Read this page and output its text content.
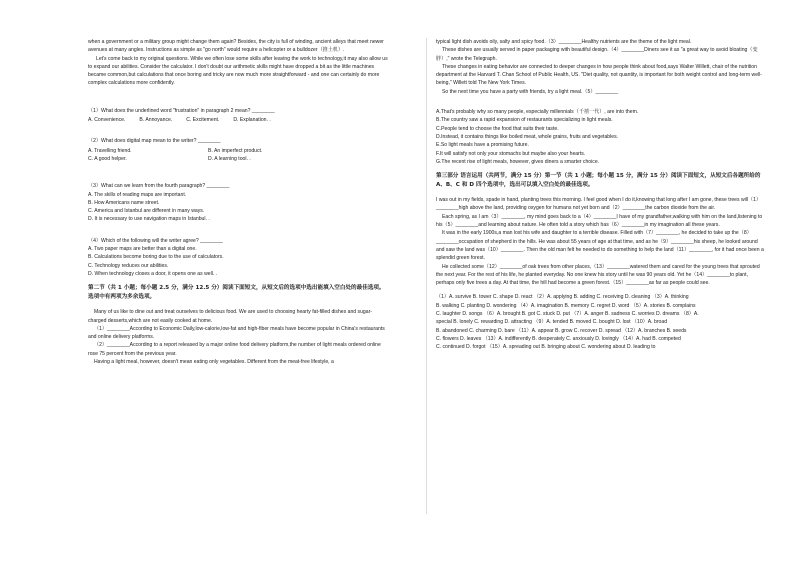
when a government or a military group might change them again? Besides, the city is full of winding, ancient alleys that meet newer avenues at many angles. Instructions as simple as "go north" would require a helicopter or a bulldozer（推土机）.

Let's come back to my original questions. While we often lose some skills after leaving the work to technology,it may also allow us to expand our abilities. Consider the calculator. I don't doubt our arithmetic skills might have dropped a bit as the little machines became common,but calculations that once boring and tricky are now much more straightforward - and one can certainly do more complex calculations more confidently.

（1）What does the underlined word "frustration" in paragraph 2 mean? ________

A. Convenience.	B. Annoyance.	C. Excitement.	D. Explanation. .

（2）What does digital map mean to the writer? ________

A. Travelling friend.	B. An imperfect product.
C. A good helper.	D. A learning tool. .

（3）What can we learn from the fourth paragraph? ________

A. The skills of reading maps are important.

B. How Americans name street.

C. America and Istanbul are different in many ways.

D. It is necessary to use navigation maps in Istanbul. .

（4）Which of the following will the writer agree? ________

A. Two paper maps are better than a digital one.

B. Calculations become boring due to the use of calculators.

C. Technology reduces our abilities.

D. When technology closes a door, it opens one as well. .

第二节（共 1 小题；每小题 2.5 分，满分 12.5 分）阅读下面短文，从短文后的选项中选出能填入空白处的最佳选项。选项中有两项为多余选项。

Many of us like to dine out and treat ourselves to delicious food. We are used to choosing hearty fat-filled dishes and sugar-charged desserts,which are not easily cooked at home.

（1）________According to Economic Daily,low-calorie,low-fat and high-fiber meals have become popular in China's restaurants and online delivery platforms.

（2）________According to a report released by a major online food delivery platform,the number of light meals ordered online rose 75 percent from the previous year.

Having a light meal, however, doesn't mean eating only vegetables. Different from the meat-free lifestyle, a

typical light dish avoids oily, salty and spicy food.（3）________Healthy nutrients are the theme of the light meal.

These dishes are usually served in paper packaging with beautiful design.（4）________Diners see it as "a great way to avoid bloating（变胖）," wrote the Telegraph.

These changes in eating behavior are connected to deeper changes in how people think about food,says Walter Willett, chair of the nutrition department at the Harvard T. Chan School of Public Health, US. "Diet quality, not quantity, is important for both weight control and long-term well-being," Willett told The New York Times.

So the next time you have a party with friends, try a light meal.（5）________

A.That's probably why so many people, especially millennials（千禧一代）, are into them.

B.The country saw a rapid expansion of restaurants specializing in light meals.

C.People tend to choose the food that suits their taste.

D.Instead, it contains things like boiled meat, whole grains, fruits and vegetables.

E.So light meals have a promising future.

F.It will satisfy not only your stomachs but maybe also your hearts.

G.The recent rise of light meals, however, gives diners a smarter choice.

第三部分 语言运用（共两节，满分 15 分）第一节（共 1 小题；每小题 15 分，满分 15 分）阅读下面短文，从短文后各题所给的 A、B、C 和 D 四个选项中，选出可以填入空白处的最佳选项。

I was out in my fields, spade in hand, planting trees this morning. I feel good when I do it,knowing that long after I am gone, these trees will（1）________high above the land, providing oxygen for humans not yet born and（2）________the carbon dioxide from the air.

Each spring, as I am（3）________, my mind goes back to a（4）________I have of my grandfather,walking with him on the land,listening to his（5）________and learning about nature. He often told a story which has（6）________in my imagination all these years.

It was in the early 1900s,a man lost his wife and daughter to a terrible disease. Filled with（7）________, he decided to take up the（8）________occupation of shepherd in the hills. He was about 55 years of age at that time, and as he（9）________his sheep, he looked around and saw the land was（10）________. Then the old man felt he needed to do something to help the land（11）________, for it had once been a splendid green forest.

He collected some（12）________of oak trees from other places,（13）________watered them and cared for the young trees that sprouted the next year. For the rest of his life, he planted everyday. No one knew his story until he was 90 years old. Yet he（14）________to plant, perhaps only five trees a day. At that time, the hill had become a green forest.（15）________as far as people could see.

（1）A. survive B. tower C. shape D. react （2）A. applying B. adding C. receiving D. cleaning （3）A. thinking

B. walking C. planting D. wondering （4）A. imagination B. memory C. regret D. word （5）A. stories B. complains

C. laughter D. songs （6）A. brought B. got C. stuck D. put （7）A. anger B. sadness C. worries D. dreams （8）A.

special B. lonely C. rewarding D. attracting （9）A. tended B. moved C. bought D. lost （10）A. broad

B. abandoned C. charming D. bare （11）A. appear B. grow C. recover D. spread （12）A. branches B. seeds

C. flowers D. leaves （13）A. indifferently B. desperately C. anxiously D. lovingly （14）A. had B. competed

C. continued D. forgot （15）A. spreading out B. bringing about C. wondering about D. leading to
